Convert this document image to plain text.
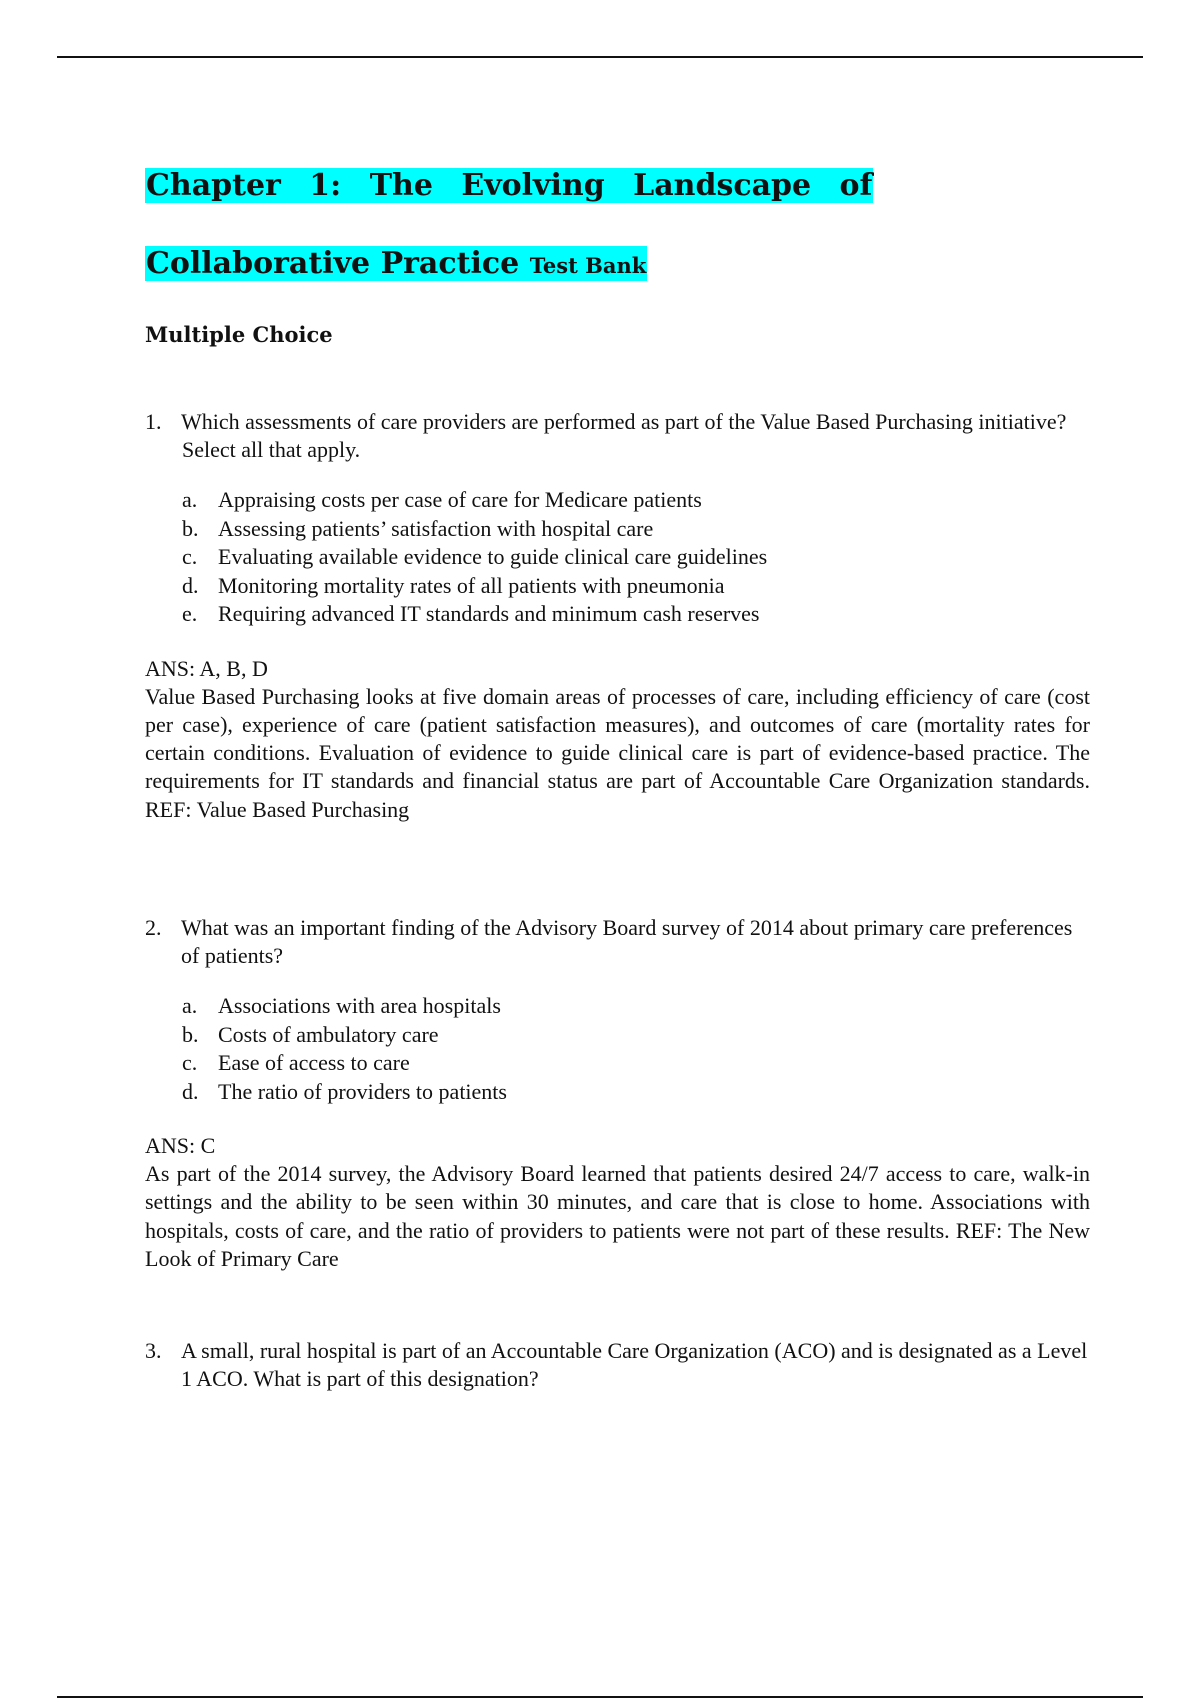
Chapter 1: The Evolving Landscape of
Collaborative Practice Test Bank
Multiple Choice
1. Which assessments of care providers are performed as part of the Value Based Purchasing initiative?
Select all that apply.
a. Appraising costs per case of care for Medicare patients
b. Assessing patients’ satisfaction with hospital care
c. Evaluating available evidence to guide clinical care guidelines
d. Monitoring mortality rates of all patients with pneumonia
e. Requiring advanced IT standards and minimum cash reserves
ANS: A, B, D
Value Based Purchasing looks at five domain areas of processes of care, including efficiency of care (cost per case), experience of care (patient satisfaction measures), and outcomes of care (mortality rates for certain conditions. Evaluation of evidence to guide clinical care is part of evidence-based practice. The requirements for IT standards and financial status are part of Accountable Care Organization standards. REF: Value Based Purchasing
2. What was an important finding of the Advisory Board survey of 2014 about primary care preferences of patients?
a. Associations with area hospitals
b. Costs of ambulatory care
c. Ease of access to care
d. The ratio of providers to patients
ANS: C
As part of the 2014 survey, the Advisory Board learned that patients desired 24/7 access to care, walk-in settings and the ability to be seen within 30 minutes, and care that is close to home. Associations with hospitals, costs of care, and the ratio of providers to patients were not part of these results. REF: The New Look of Primary Care
3. A small, rural hospital is part of an Accountable Care Organization (ACO) and is designated as a Level 1 ACO. What is part of this designation?
